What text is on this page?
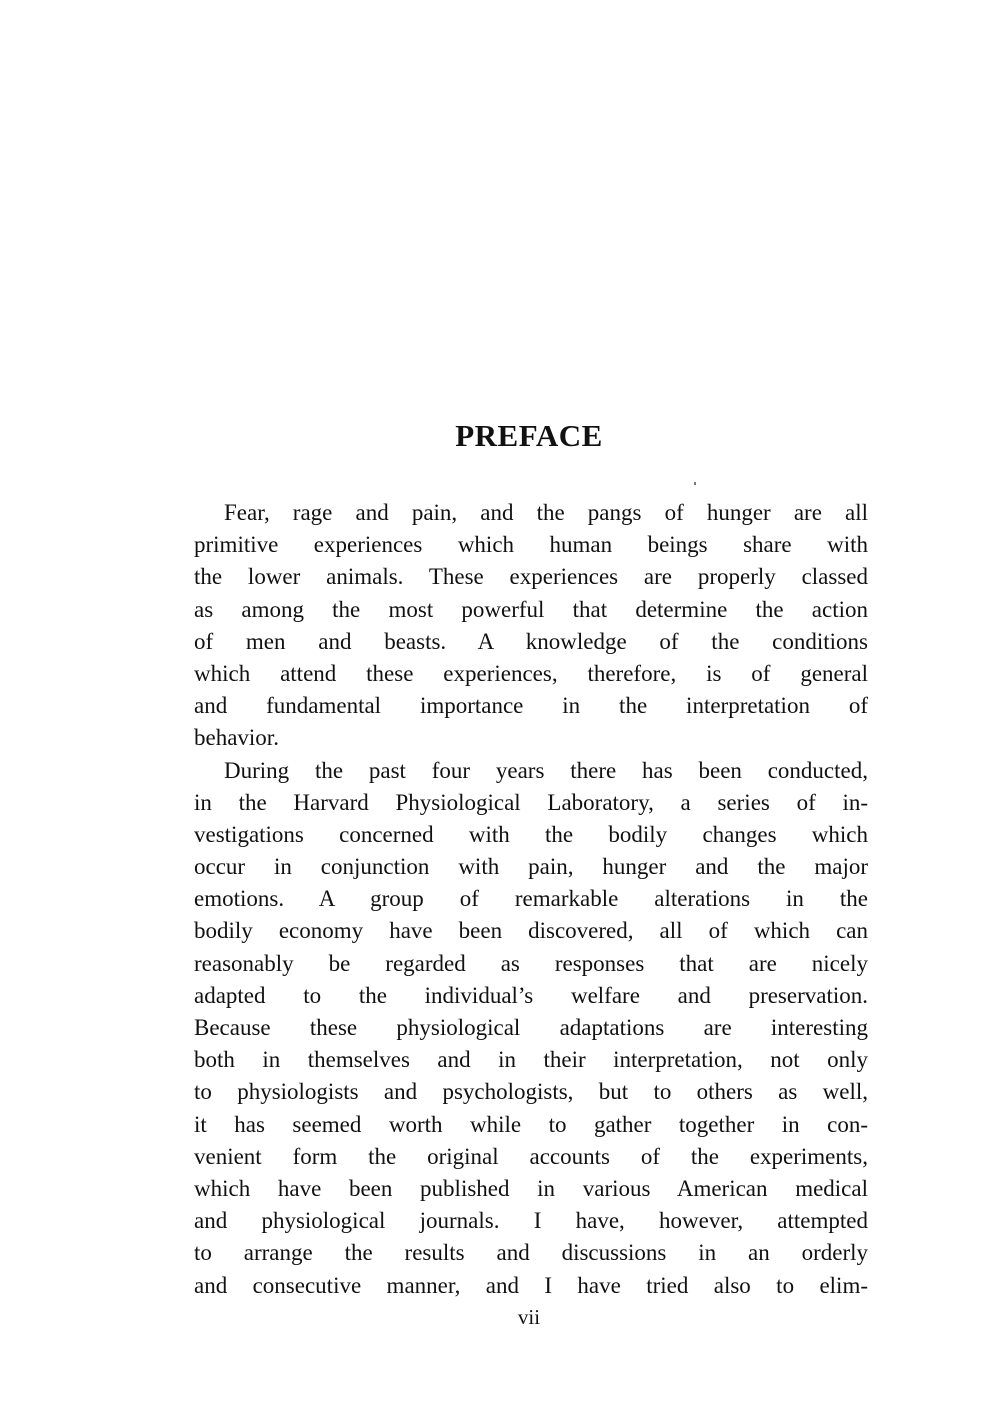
PREFACE
Fear, rage and pain, and the pangs of hunger are all
primitive experiences which human beings share with
the lower animals. These experiences are properly classed
as among the most powerful that determine the action
of men and beasts. A knowledge of the conditions
which attend these experiences, therefore, is of general
and fundamental importance in the interpretation of
behavior.
During the past four years there has been conducted,
in the Harvard Physiological Laboratory, a series of in-
vestigations concerned with the bodily changes which
occur in conjunction with pain, hunger and the major
emotions. A group of remarkable alterations in the
bodily economy have been discovered, all of which can
reasonably be regarded as responses that are nicely
adapted to the individual’s welfare and preservation.
Because these physiological adaptations are interesting
both in themselves and in their interpretation, not only
to physiologists and psychologists, but to others as well,
it has seemed worth while to gather together in con-
venient form the original accounts of the experiments,
which have been published in various American medical
and physiological journals. I have, however, attempted
to arrange the results and discussions in an orderly
and consecutive manner, and I have tried also to elim-
vii
